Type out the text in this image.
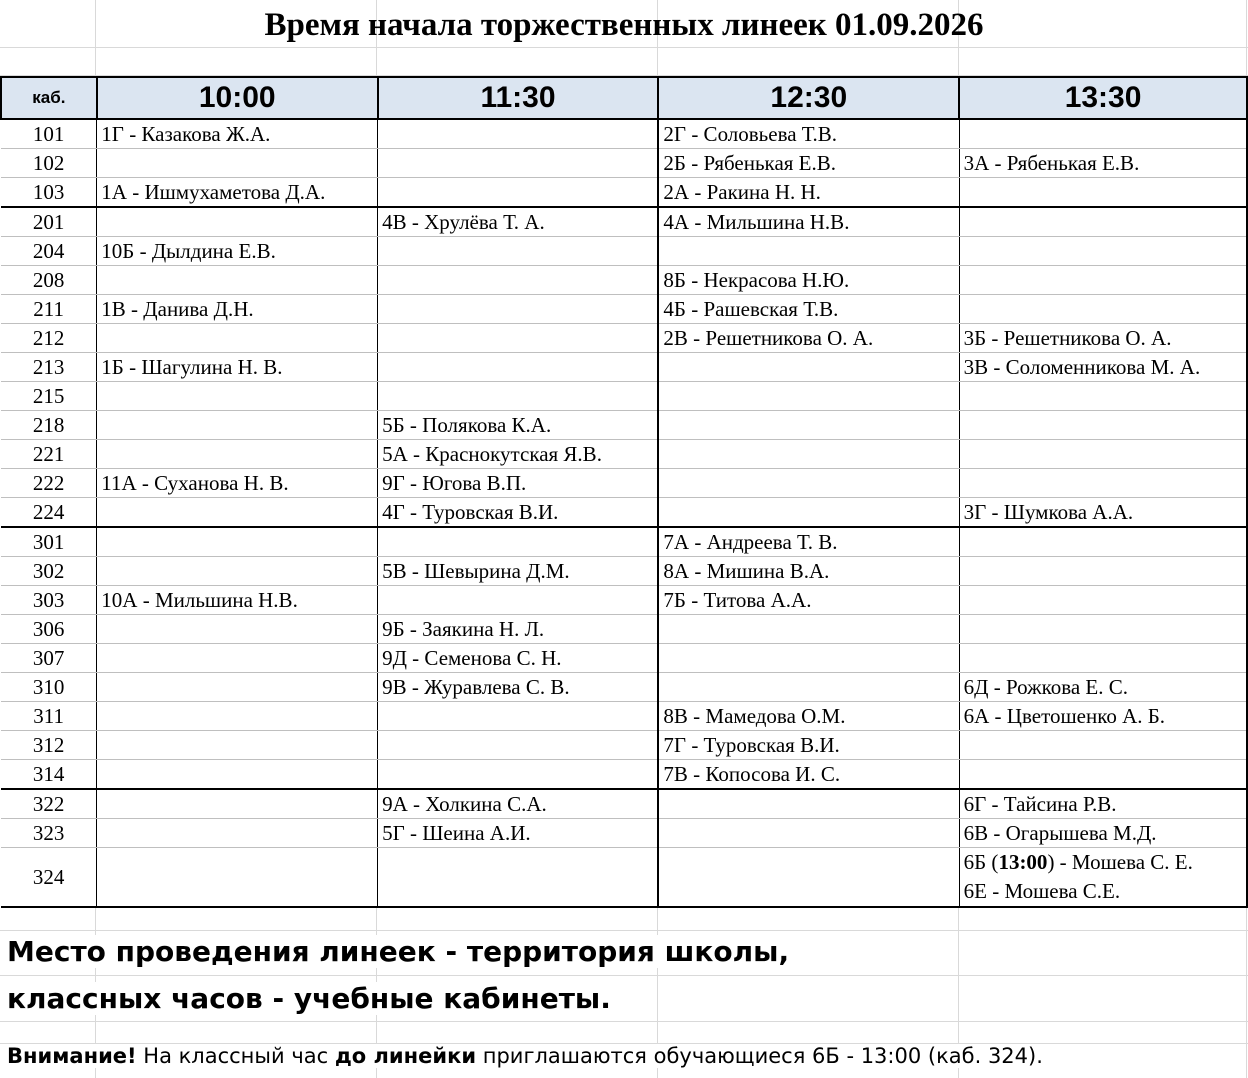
Время начала торжественных линеек 01.09.2026
каб.	10:00	11:30	12:30	13:30
101	1Г - Казакова Ж.А.		2Г - Соловьева Т.В.	
102			2Б - Рябенькая Е.В.	3А - Рябенькая Е.В.
103	1А - Ишмухаметова Д.А.		2А - Ракина Н. Н.	
201		4В - Хрулёва Т. А.	4А - Мильшина Н.В.	
204	10Б - Дылдина Е.В.			
208			8Б - Некрасова Н.Ю.	
211	1В - Данива Д.Н.		4Б - Рашевская Т.В.	
212			2В - Решетникова О. А.	3Б - Решетникова О. А.
213	1Б - Шагулина Н. В.			3В - Соломенникова М. А.
215				
218		5Б - Полякова К.А.		
221		5А - Краснокутская Я.В.		
222	11А - Суханова Н. В.	9Г - Югова В.П.		
224		4Г - Туровская В.И.		3Г - Шумкова А.А.
301			7А - Андреева Т. В.	
302		5В - Шевырина Д.М.	8А - Мишина В.А.	
303	10А - Мильшина Н.В.		7Б - Титова А.А.	
306		9Б - Заякина Н. Л.		
307		9Д - Семенова С. Н.		
310		9В - Журавлева С. В.		6Д - Рожкова Е. С.
311			8В - Мамедова О.М.	6А - Цветошенко А. Б.
312			7Г - Туровская В.И.	
314			7В - Копосова И. С.	
322		9А - Холкина С.А.		6Г - Тайсина Р.В.
323		5Г - Шеина А.И.		6В - Огарышева М.Д.
324				6Б (13:00) - Мошева С. Е.
6Е - Мошева С.Е.
Место проведения линеек - территория школы,
классных часов - учебные кабинеты.
Внимание! На классный час до линейки приглашаются обучающиеся 6Б - 13:00 (каб. 324).
